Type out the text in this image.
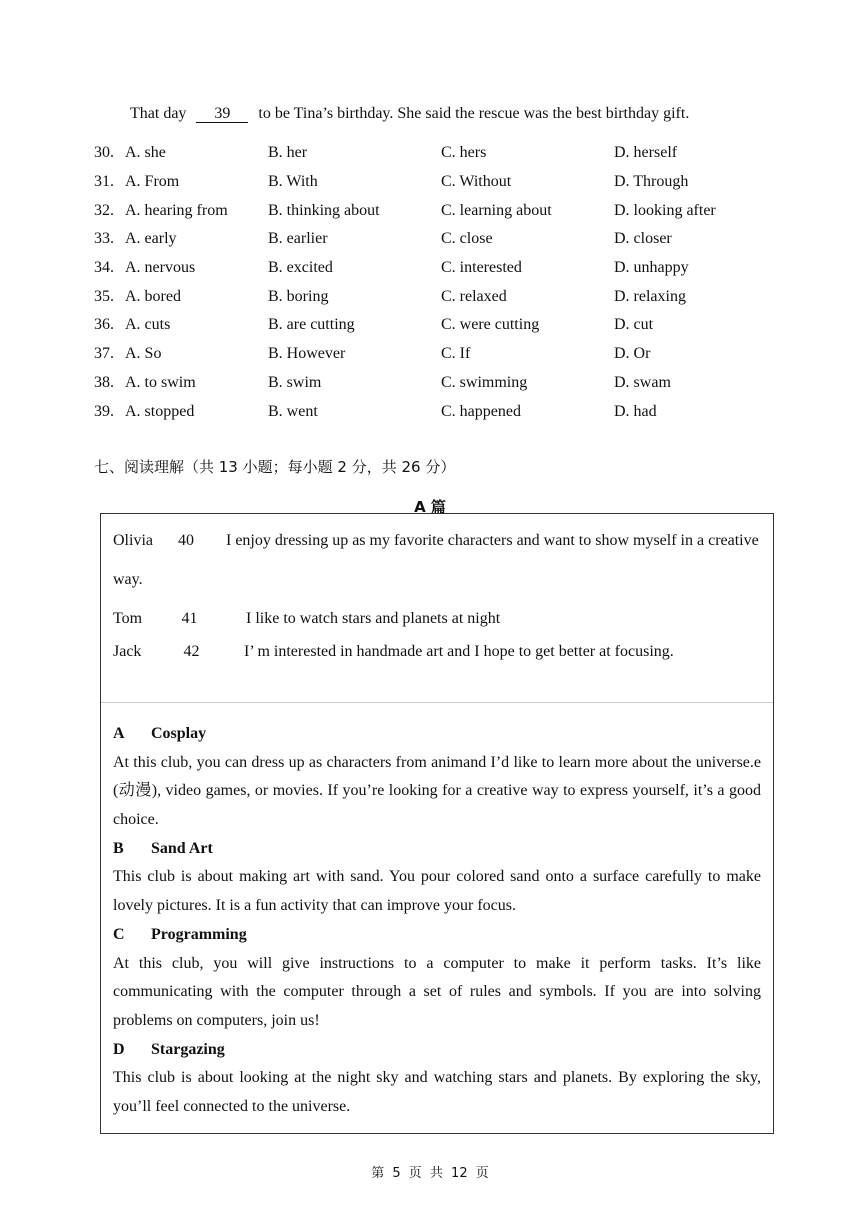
That day 39 to be Tina’s birthday. She said the rescue was the best birthday gift.
30. A. she	B. her	C. hers	D. herself
31. A. From	B. With	C. Without	D. Through
32. A. hearing from	B. thinking about	C. learning about	D. looking after
33. A. early	B. earlier	C. close	D. closer
34. A. nervous	B. excited	C. interested	D. unhappy
35. A. bored	B. boring	C. relaxed	D. relaxing
36. A. cuts	B. are cutting	C. were cutting	D. cut
37. A. So	B. However	C. If	D. Or
38. A. to swim	B. swim	C. swimming	D. swam
39. A. stopped	B. went	C. happened	D. had
七、阅读理解（共 13 小题；每小题 2 分，共 26 分）
A 篇
Olivia 40 I enjoy dressing up as my favorite characters and want to show myself in a creative way.
Tom 41	I like to watch stars and planets at night
Jack	42	I’ m interested in handmade art and I hope to get better at focusing.
A Cosplay
At this club, you can dress up as characters from animand I’d like to learn more about the universe.e (动漫), video games, or movies. If you’re looking for a creative way to express yourself, it’s a good choice.
B Sand Art
This club is about making art with sand. You pour colored sand onto a surface carefully to make lovely pictures. It is a fun activity that can improve your focus.
C Programming
At this club, you will give instructions to a computer to make it perform tasks. It’s like communicating with the computer through a set of rules and symbols. If you are into solving problems on computers, join us!
D Stargazing
This club is about looking at the night sky and watching stars and planets. By exploring the sky, you’ll feel connected to the universe.
第 5 页 共 12 页
